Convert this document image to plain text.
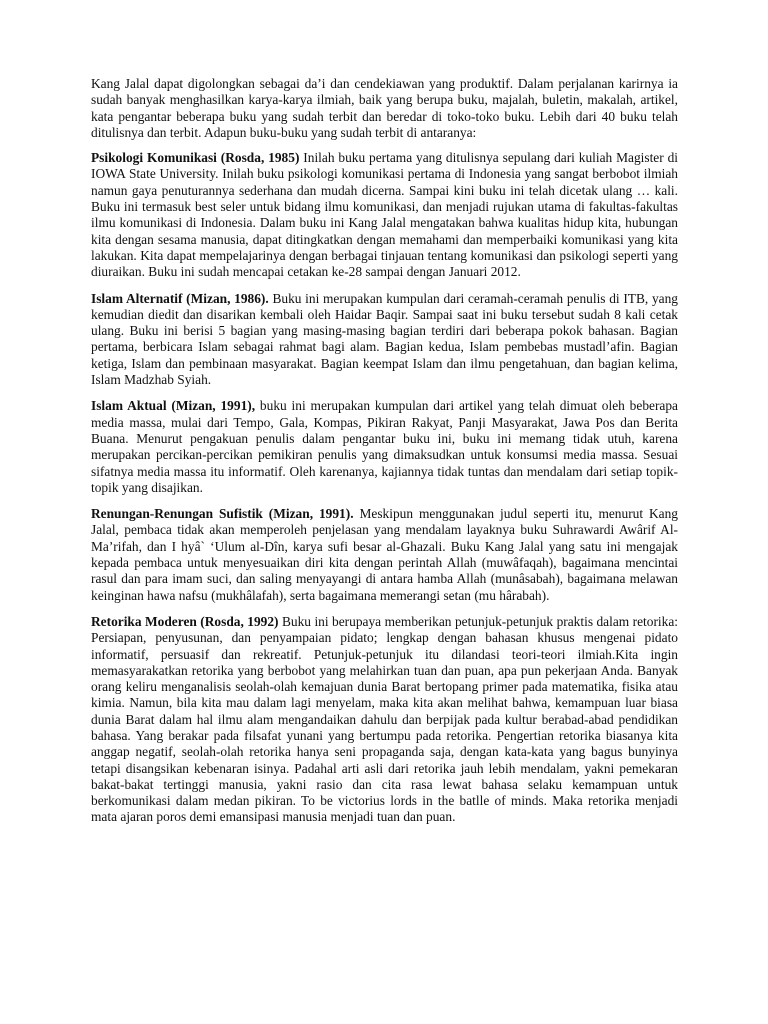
Kang Jalal dapat digolongkan sebagai da’i dan cendekiawan yang produktif. Dalam perjalanan karirnya ia sudah banyak menghasilkan karya-karya ilmiah, baik yang berupa buku, majalah, buletin, makalah, artikel, kata pengantar beberapa buku yang sudah terbit dan beredar di toko-toko buku. Lebih dari 40 buku telah ditulisnya dan terbit. Adapun buku-buku yang sudah terbit di antaranya:

Psikologi Komunikasi (Rosda, 1985) Inilah buku pertama yang ditulisnya sepulang dari kuliah Magister di IOWA State University. Inilah buku psikologi komunikasi pertama di Indonesia yang sangat berbobot ilmiah namun gaya penuturannya sederhana dan mudah dicerna. Sampai kini buku ini telah dicetak ulang … kali. Buku ini termasuk best seler untuk bidang ilmu komunikasi, dan menjadi rujukan utama di fakultas-fakultas ilmu komunikasi di Indonesia. Dalam buku ini Kang Jalal mengatakan bahwa kualitas hidup kita, hubungan kita dengan sesama manusia, dapat ditingkatkan dengan memahami dan memperbaiki komunikasi yang kita lakukan. Kita dapat mempelajarinya dengan berbagai tinjauan tentang komunikasi dan psikologi seperti yang diuraikan. Buku ini sudah mencapai cetakan ke-28 sampai dengan Januari 2012.

Islam Alternatif (Mizan, 1986). Buku ini merupakan kumpulan dari ceramah-ceramah penulis di ITB, yang kemudian diedit dan disarikan kembali oleh Haidar Baqir. Sampai saat ini buku tersebut sudah 8 kali cetak ulang. Buku ini berisi 5 bagian yang masing-masing bagian terdiri dari beberapa pokok bahasan. Bagian pertama, berbicara Islam sebagai rahmat bagi alam. Bagian kedua, Islam pembebas mustadl’afin. Bagian ketiga, Islam dan pembinaan masyarakat. Bagian keempat Islam dan ilmu pengetahuan, dan bagian kelima, Islam Madzhab Syiah.

Islam Aktual (Mizan, 1991), buku ini merupakan kumpulan dari artikel yang telah dimuat oleh beberapa media massa, mulai dari Tempo, Gala, Kompas, Pikiran Rakyat, Panji Masyarakat, Jawa Pos dan Berita Buana. Menurut pengakuan penulis dalam pengantar buku ini, buku ini memang tidak utuh, karena merupakan percikan-percikan pemikiran penulis yang dimaksudkan untuk konsumsi media massa. Sesuai sifatnya media massa itu informatif. Oleh karenanya, kajiannya tidak tuntas dan mendalam dari setiap topik-topik yang disajikan.

Renungan-Renungan Sufistik (Mizan, 1991). Meskipun menggunakan judul seperti itu, menurut Kang Jalal, pembaca tidak akan memperoleh penjelasan yang mendalam layaknya buku Suhrawardi Awârif Al-Ma’rifah, dan I hyâ` ‘Ulum al-Dîn, karya sufi besar al-Ghazali. Buku Kang Jalal yang satu ini mengajak kepada pembaca untuk menyesuaikan diri kita dengan perintah Allah (muwâfaqah), bagaimana mencintai rasul dan para imam suci, dan saling menyayangi di antara hamba Allah (munâsabah), bagaimana melawan keinginan hawa nafsu (mukhâlafah), serta bagaimana memerangi setan (mu hârabah).

Retorika Moderen (Rosda, 1992) Buku ini berupaya memberikan petunjuk-petunjuk praktis dalam retorika: Persiapan, penyusunan, dan penyampaian pidato; lengkap dengan bahasan khusus mengenai pidato informatif, persuasif dan rekreatif. Petunjuk-petunjuk itu dilandasi teori-teori ilmiah.Kita ingin memasyarakatkan retorika yang berbobot yang melahirkan tuan dan puan, apa pun pekerjaan Anda. Banyak orang keliru menganalisis seolah-olah kemajuan dunia Barat bertopang primer pada matematika, fisika atau kimia. Namun, bila kita mau dalam lagi menyelam, maka kita akan melihat bahwa, kemampuan luar biasa dunia Barat dalam hal ilmu alam mengandaikan dahulu dan berpijak pada kultur berabad-abad pendidikan bahasa. Yang berakar pada filsafat yunani yang bertumpu pada retorika. Pengertian retorika biasanya kita anggap negatif, seolah-olah retorika hanya seni propaganda saja, dengan kata-kata yang bagus bunyinya tetapi disangsikan kebenaran isinya. Padahal arti asli dari retorika jauh lebih mendalam, yakni pemekaran bakat-bakat tertinggi manusia, yakni rasio dan cita rasa lewat bahasa selaku kemampuan untuk berkomunikasi dalam medan pikiran. To be victorius lords in the batlle of minds. Maka retorika menjadi mata ajaran poros demi emansipasi manusia menjadi tuan dan puan.
